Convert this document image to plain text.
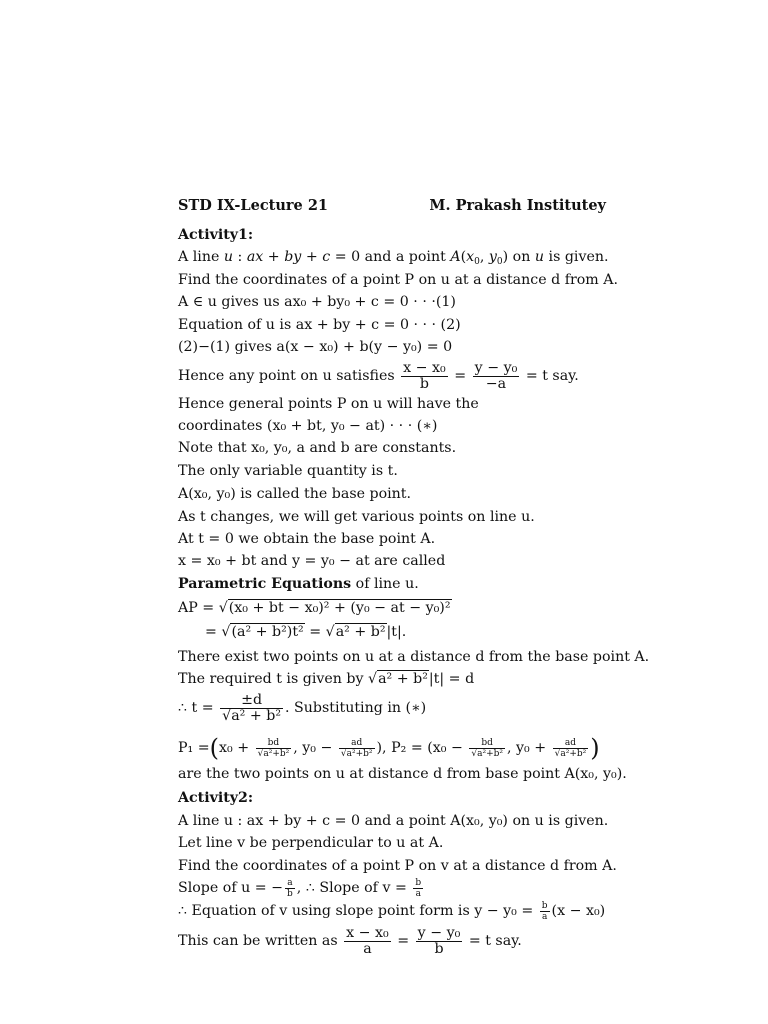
STD IX-Lecture 21	M. Prakash Institutey
Activity1:
A line u : ax + by + c = 0 and a point $A(x_0$, $y_0$) on u is given.
Find the coordinates of a point P on u at a distance d from A.
A ∈ u gives us ax₀ + by₀ + c = 0 · · ·(1)
Equation of u is ax + by + c = 0 · · · (2)
(2)−(1) gives a(x − x₀) + b(y − y₀) = 0
Hence any point on u satisfies $\frac{\text{x − x₀}}{b} = \frac{\text{y − y₀}}{-a} = t$ say.
Hence general points P on u will have the
coordinates (x₀ + bt, y₀ − at) · · · (∗)
Note that x₀, y₀, a and b are constants.
The only variable quantity is t.
A(x₀, y₀) is called the base point.
As t changes, we will get various points on line u.
At t = 0 we obtain the base point A.
x = x₀ + bt and y = y₀ − at are called
Parametric Equations of line u.
AP = √(x₀ + bt − x₀)² + (y₀ − at − y₀)²
= √(a² + b²)t² = √a² + b²|t|.
There exist two points on u at a distance d from the base point A.
The required t is given by √a² + b²|t| = d
∴ $t = \frac{\pm d}{\text{√a² + b²}}$ . Substituting in (∗)
$P_1 =(x_0 + \frac{bd}{\text{√a²+b²}}$ , $y_0 - \frac{ad}{\text{√a²+b²}}$ ), $P_2 = (x_0 - \frac{bd}{\text{√a²+b²}}$ , $y_0 + \frac{ad}{\text{√a²+b²}}$ )
are the two points on u at distance d from base point A(x₀, y₀).
Activity2:
A line u : ax + by + c = 0 and a point A(x₀, y₀) on u is given.
Let line v be perpendicular to u at A.
Find the coordinates of a point P on v at a distance d from A.
Slope of u = − $\frac{a}{b}$ , ∴ Slope of $v = \frac{b}{a}$
∴ Equation of v using slope point form is $y - y_0 = \frac{b}{a} (x - x_0)$
This can be written as $\frac{\text{x − x₀}}{a} = \frac{\text{y − y₀}}{b} = t$ say.
